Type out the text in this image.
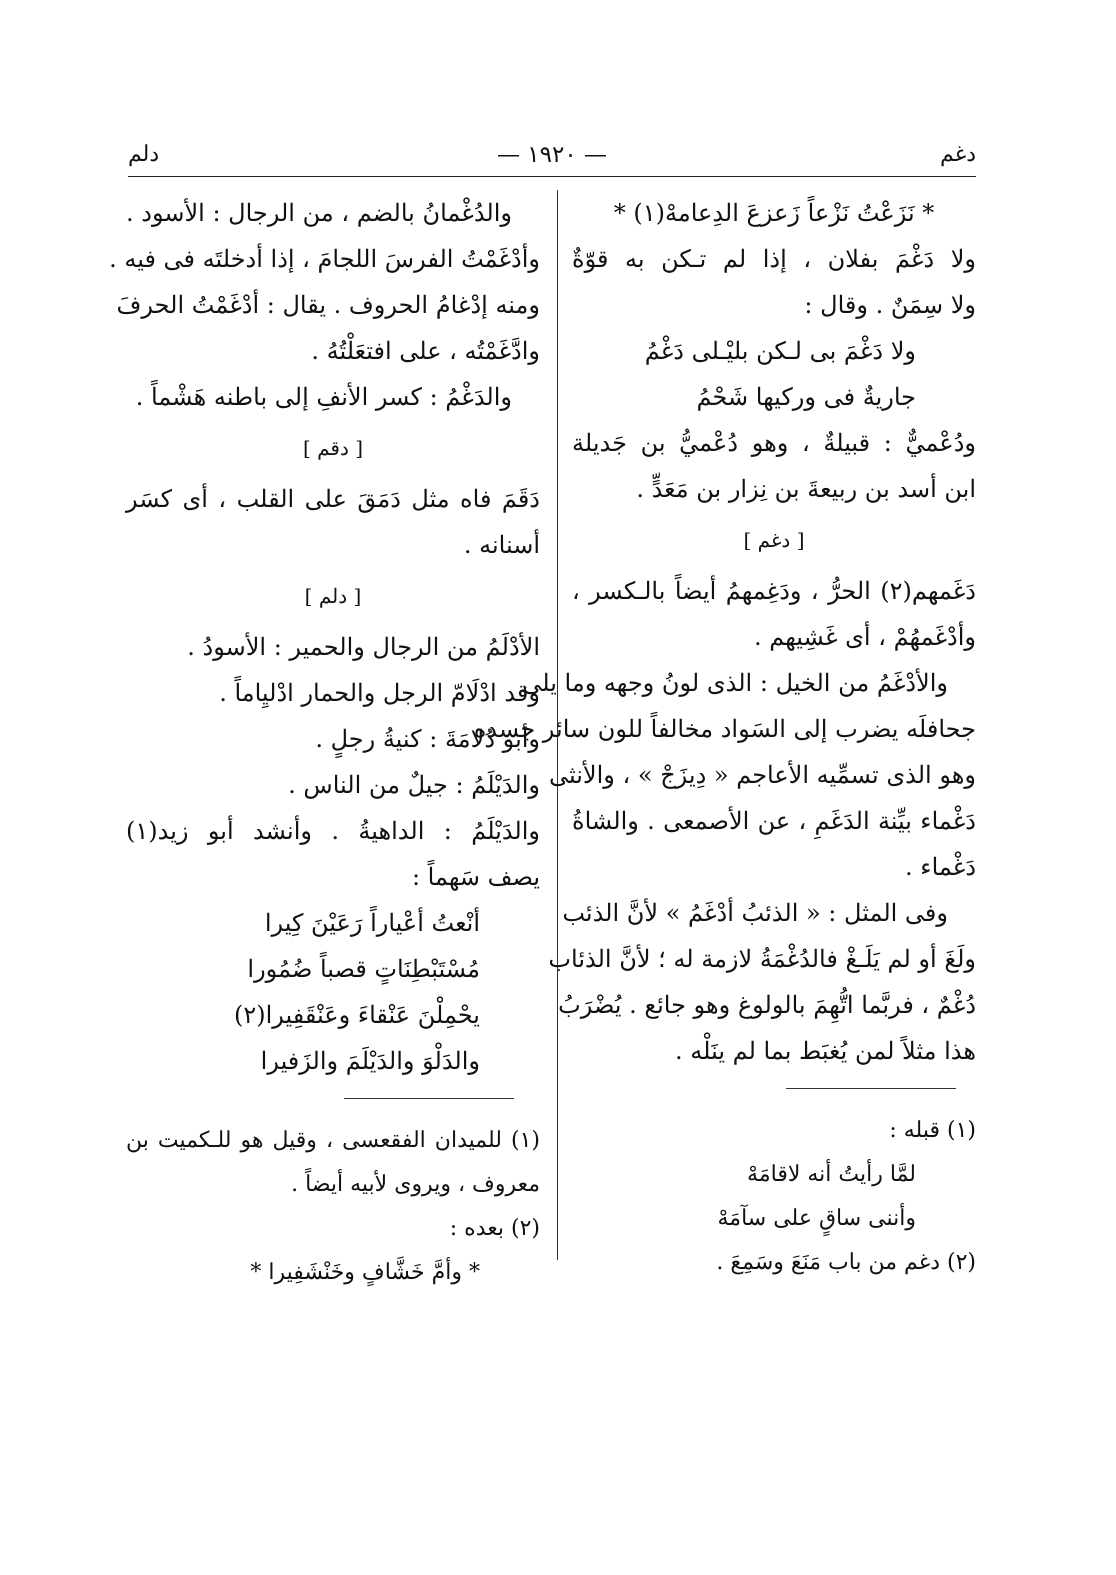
دغم
— ١٩٢٠ —
دلم
* نَزَعْتُ نَزْعاً زَعزعَ الدِعامهْ(١) *
ولا دَغْمَ بفلان ، إذا لم تـكن به قوّةٌ
ولا سِمَنٌ . وقال :
ولا دَغْمَ بى لـكن بليْـلى دَغْمُ
جاريةٌ فى وركيها شَحْمُ
ودُعْميٌّ : قبيلةٌ ، وهو دُعْميُّ بن جَديلة
ابن أسد بن ربيعةَ بن نِزار بن مَعَدٍّ .
[ دغم ]
دَغَمهم(٢) الحرُّ ، ودَغِمهمُ أيضاً بالـكسر ،
وأدْغَمهُمْ ، أى غَشِيهم .
والأدْغَمُ من الخيل : الذى لونُ وجهه وما يلى
جحافلَه يضرب إلى السَواد مخالفاً للون سائر جسده
وهو الذى تسمِّيه الأعاجم « دِيزَجْ » ، والأنثى
دَغْماء بيِّنة الدَغَمِ ، عن الأصمعى . والشاةُ
دَغْماء .
وفى المثل : « الذئبُ أدْغَمُ » لأنَّ الذئب
ولَغَ أو لم يَلَـغْ فالدُغْمَةُ لازمة له ؛ لأنَّ الذئاب
دُغْمٌ ، فربَّما اتُّهِمَ بالولوغ وهو جائع . يُضْرَبُ
هذا مثلاً لمن يُغبَط بما لم ينَلْه .
(١) قبله :
لمَّا رأيتُ أنه لاقامَهْ
وأننى ساقٍ على سآمَهْ
(٢) دغم من باب مَنَعَ وسَمِعَ .
والدُغْمانُ بالضم ، من الرجال : الأسود .
وأدْغَمْتُ الفرسَ اللجامَ ، إذا أدخلتَه فى فيه .
ومنه إدْغامُ الحروف . يقال : أدْغَمْتُ الحرفَ
وادَّغَمْتُه ، على افتعَلْتُهُ .
والدَغْمُ : كسر الأنفِ إلى باطنه هَشْماً .
[ دقم ]
دَقَمَ فاه مثل دَمَقَ على القلب ، أى كسَر
أسنانه .
[ دلم ]
الأدْلَمُ من الرجال والحمير : الأسودُ .
وقد ادْلَامّ الرجل والحمار ادْليِاماً .
وأبو دُلامَةَ : كنيةُ رجلٍ .
والدَيْلَمُ : جيلٌ من الناس .
والدَيْلَمُ : الداهيةُ . وأنشد أبو زيد(١)
يصف سَهماً :
أنْعتُ أعْياراً رَعَيْنَ كِيرا
مُسْتَبْطِنَاتٍ قصباً ضُمُورا
يحْمِلْنَ عَنْقاءَ وعَنْقَفِيرا(٢)
والدَلْوَ والدَيْلَمَ والزَفيرا
(١) للميدان الفقعسى ، وقيل هو للـكميت بن
معروف ، ويروى لأبيه أيضاً .
(٢) بعده :
* وأمَّ خَشَّافٍ وخَنْشَفِيرا *
